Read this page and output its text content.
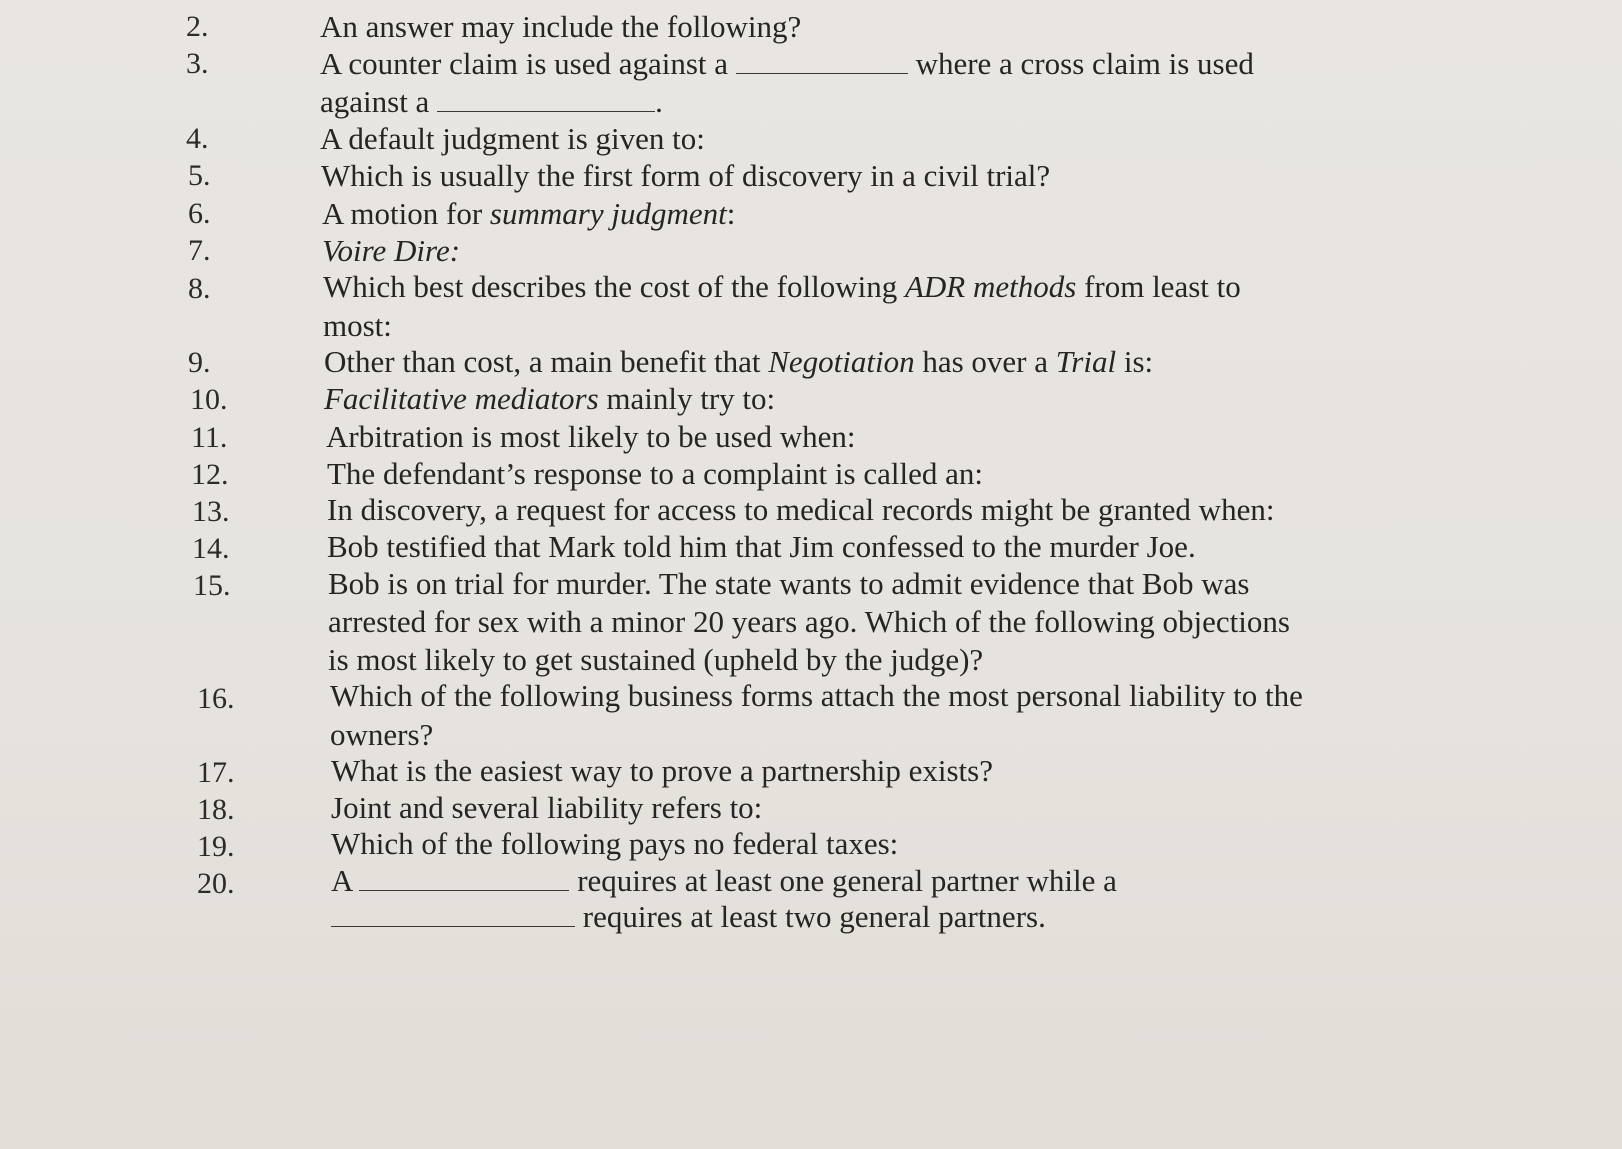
2.	An answer may include the following?
3.	A counter claim is used against a	where a cross claim is used
against a	.
4.	A default judgment is given to:
5.	Which is usually the first form of discovery in a civil trial?
6.	A motion for summary judgment:
7.	Voire Dire:
8.	Which best describes the cost of the following ADR methods from least to
most:
9.	Other than cost, a main benefit that Negotiation has over a Trial is:
10.	Facilitative mediators mainly try to:
11.	Arbitration is most likely to be used when:
12.	The defendant’s response to a complaint is called an:
13.	In discovery, a request for access to medical records might be granted when:
14.	Bob testified that Mark told him that Jim confessed to the murder Joe.
15.	Bob is on trial for murder. The state wants to admit evidence that Bob was
arrested for sex with a minor 20 years ago. Which of the following objections
is most likely to get sustained (upheld by the judge)?
16.	Which of the following business forms attach the most personal liability to the
owners?
17.	What is the easiest way to prove a partnership exists?
18.	Joint and several liability refers to:
19.	Which of the following pays no federal taxes:
20.	A	requires at least one general partner while a
requires at least two general partners.
